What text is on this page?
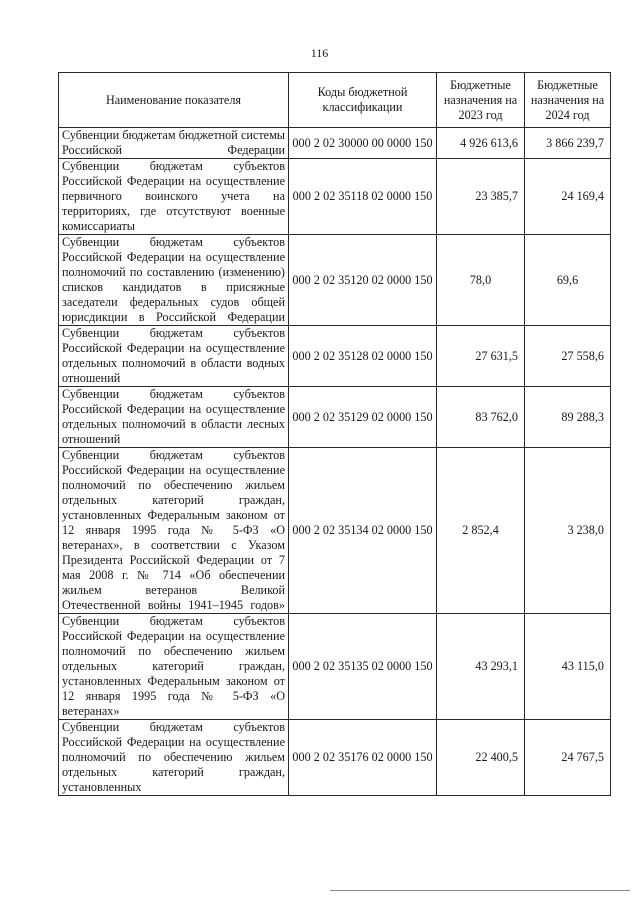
116
Наименование показателя	Коды бюджетной классификации	Бюджетные назначения на 2023 год	Бюджетные назначения на 2024 год
Субвенции бюджетам бюджетной системы Российской Федерации	000 2 02 30000 00 0000 150	4 926 613,6	3 866 239,7
Субвенции бюджетам субъектов Российской Федерации на осуществление первичного воинского учета на территориях, где отсутствуют военные комиссариаты	000 2 02 35118 02 0000 150	23 385,7	24 169,4
Субвенции бюджетам субъектов Российской Федерации на осуществление полномочий по составлению (изменению) списков кандидатов в присяжные заседатели федеральных судов общей юрисдикции в Российской Федерации	000 2 02 35120 02 0000 150	78,0	69,6
Субвенции бюджетам субъектов Российской Федерации на осуществление отдельных полномочий в области водных отношений	000 2 02 35128 02 0000 150	27 631,5	27 558,6
Субвенции бюджетам субъектов Российской Федерации на осуществление отдельных полномочий в области лесных отношений	000 2 02 35129 02 0000 150	83 762,0	89 288,3
Субвенции бюджетам субъектов Российской Федерации на осуществление полномочий по обеспечению жильем отдельных категорий граждан, установленных Федеральным законом от 12 января 1995 года № 5-ФЗ «О ветеранах», в соответствии с Указом Президента Российской Федерации от 7 мая 2008 г. № 714 «Об обеспечении жильем ветеранов Великой Отечественной войны 1941–1945 годов»	000 2 02 35134 02 0000 150	2 852,4	3 238,0
Субвенции бюджетам субъектов Российской Федерации на осуществление полномочий по обеспечению жильем отдельных категорий граждан, установленных Федеральным законом от 12 января 1995 года № 5-ФЗ «О ветеранах»	000 2 02 35135 02 0000 150	43 293,1	43 115,0
Субвенции бюджетам субъектов Российской Федерации на осуществление полномочий по обеспечению жильем отдельных категорий граждан, установленных	000 2 02 35176 02 0000 150	22 400,5	24 767,5
